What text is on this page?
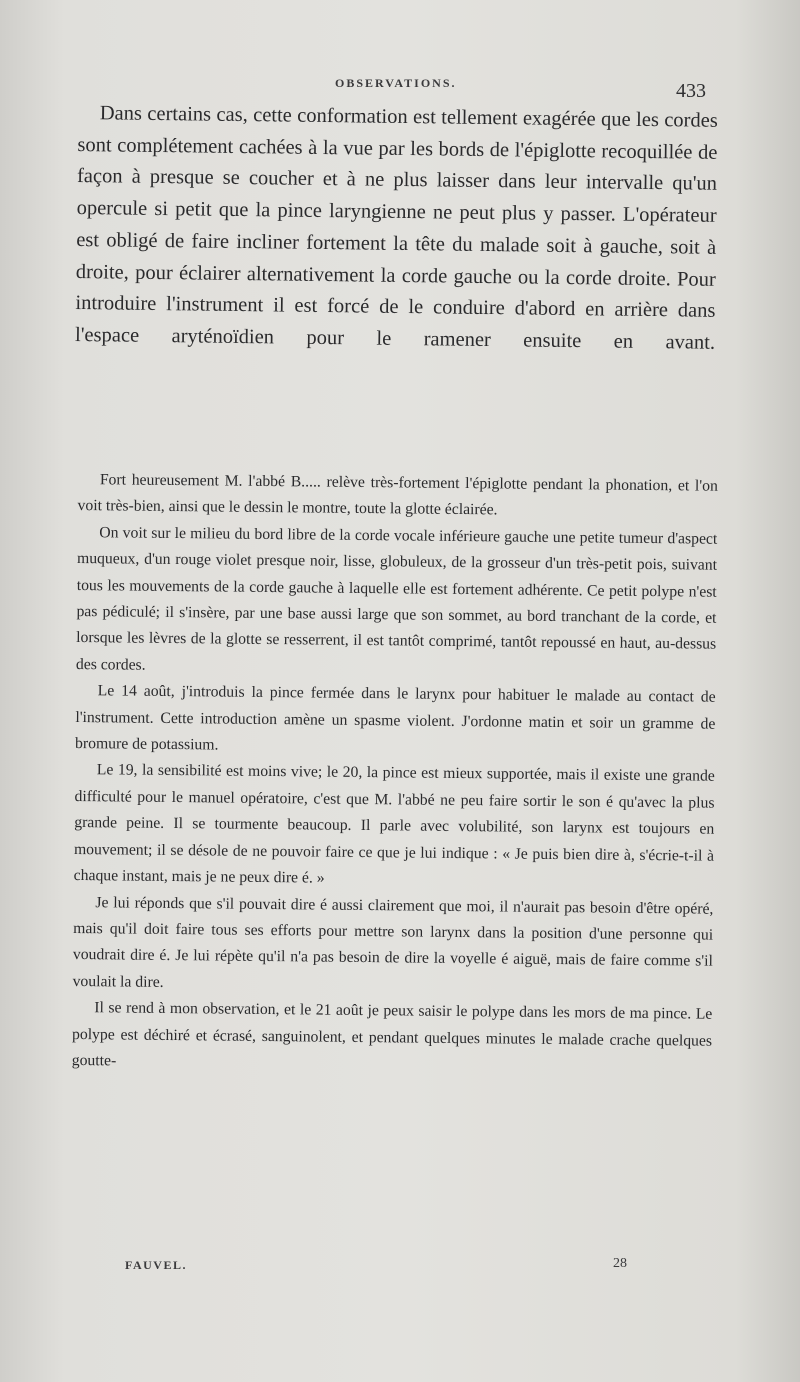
OBSERVATIONS.	433

Dans certains cas, cette conformation est tellement exagérée que les cordes sont complétement cachées à la vue par les bords de l'épiglotte recoquillée de façon à presque se coucher et à ne plus laisser dans leur intervalle qu'un opercule si petit que la pince laryngienne ne peut plus y passer. L'opérateur est obligé de faire incliner fortement la tête du malade soit à gauche, soit à droite, pour éclairer alternativement la corde gauche ou la corde droite. Pour introduire l'instrument il est forcé de le conduire d'abord en arrière dans l'espace aryténoïdien pour le ramener ensuite en avant.

Fort heureusement M. l'abbé B..... relève très-fortement l'épiglotte pendant la phonation, et l'on voit très-bien, ainsi que le dessin le montre, toute la glotte éclairée.

On voit sur le milieu du bord libre de la corde vocale inférieure gauche une petite tumeur d'aspect muqueux, d'un rouge violet presque noir, lisse, globuleux, de la grosseur d'un très-petit pois, suivant tous les mouvements de la corde gauche à laquelle elle est fortement adhérente. Ce petit polype n'est pas pédiculé; il s'insère, par une base aussi large que son sommet, au bord tranchant de la corde, et lorsque les lèvres de la glotte se resserrent, il est tantôt comprimé, tantôt repoussé en haut, au-dessus des cordes.

Le 14 août, j'introduis la pince fermée dans le larynx pour habituer le malade au contact de l'instrument. Cette introduction amène un spasme violent. J'ordonne matin et soir un gramme de bromure de potassium.

Le 19, la sensibilité est moins vive; le 20, la pince est mieux supportée, mais il existe une grande difficulté pour le manuel opératoire, c'est que M. l'abbé ne peu faire sortir le son é qu'avec la plus grande peine. Il se tourmente beaucoup. Il parle avec volubilité, son larynx est toujours en mouvement; il se désole de ne pouvoir faire ce que je lui indique : « Je puis bien dire à, s'écrie-t-il à chaque instant, mais je ne peux dire é. »

Je lui réponds que s'il pouvait dire é aussi clairement que moi, il n'aurait pas besoin d'être opéré, mais qu'il doit faire tous ses efforts pour mettre son larynx dans la position d'une personne qui voudrait dire é. Je lui répète qu'il n'a pas besoin de dire la voyelle é aiguë, mais de faire comme s'il voulait la dire.

Il se rend à mon observation, et le 21 août je peux saisir le polype dans les mors de ma pince. Le polype est déchiré et écrasé, sanguinolent, et pendant quelques minutes le malade crache quelques goutte-

FAUVEL.	28
